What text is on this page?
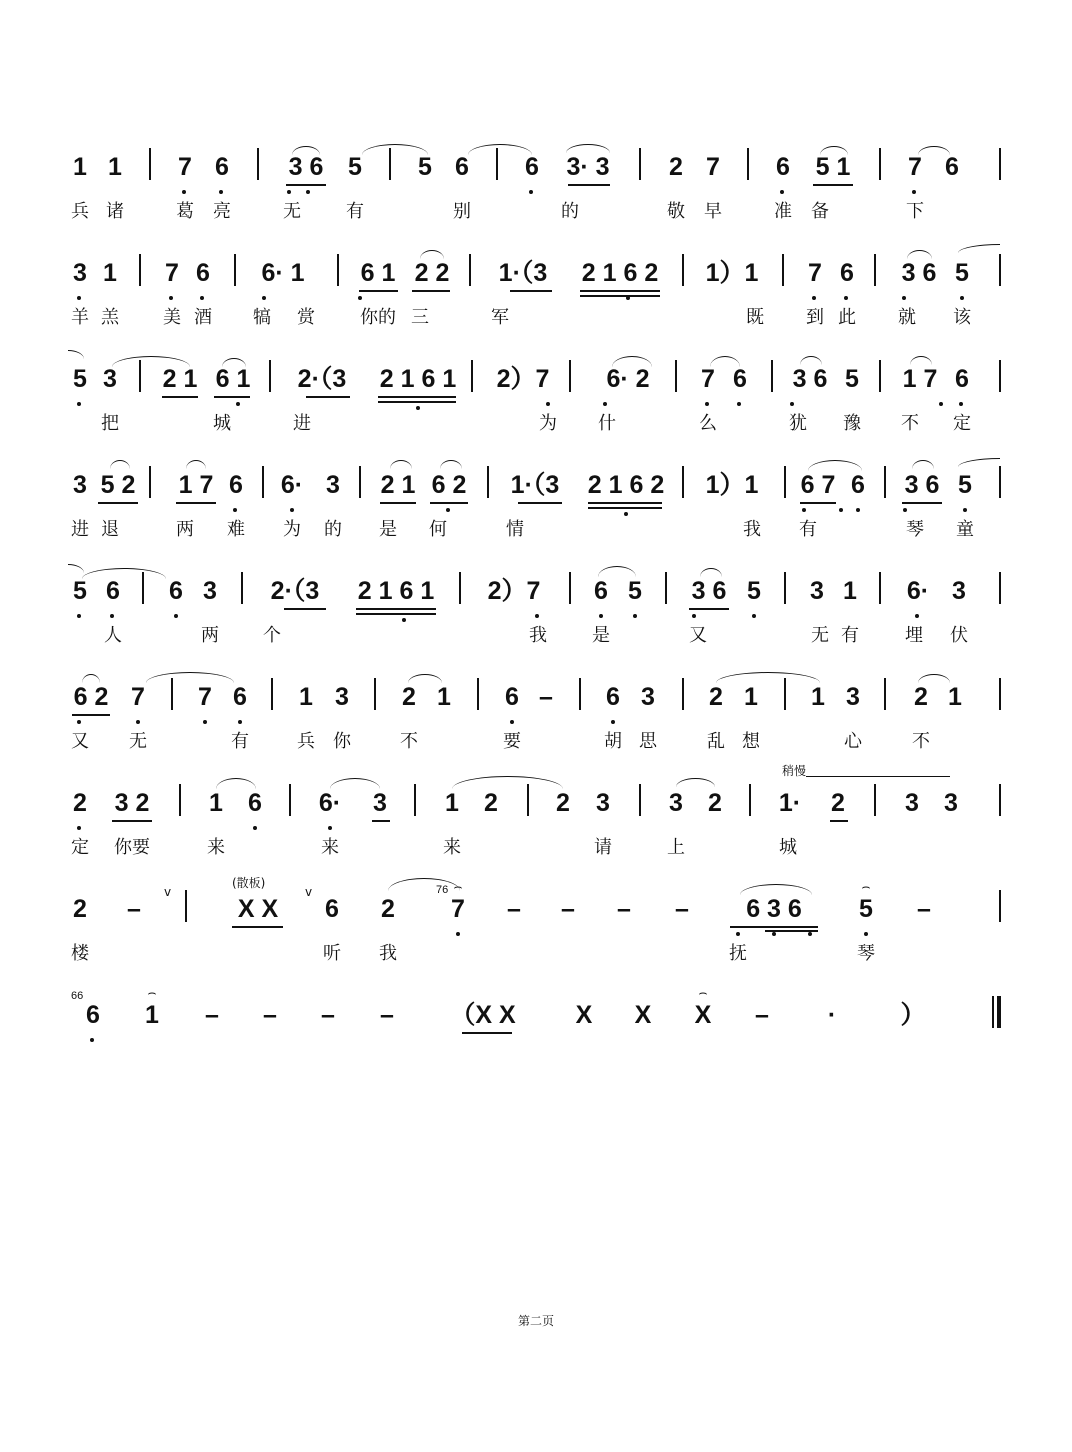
1 1 7 6 3 6 5 5 6 6 3· 3 2 7 6 5 1 7 6
兵 诸	葛 亮	无	有	别	的	敬 早	准 备	下
3 1 7 6 6· 1 6 1 2 2 1·（3 2 1 6 2 1）1 7 6 3 6 5
羊 羔 美 酒 犒 赏	你的 三	军	既 到 此 就 该
5 3 2 1 6 1 2·（3 2 1 6 1 2）7 6· 2 7 6 3 6 5 1 7 6
把	城	进	为 什	么	犹 豫 不 定
3 5 2 1 7 6 6· 3 2 1 6 2 1·（3 2 1 6 2 1）1 6 7 6 3 6 5
进 退	两 难 为 的 是 何	情	我 有	琴 童
5 6 6 3 2·（3 2 1 6 1 2）7 6 5 3 6 5 3 1 6· 3
人	两 个	我	是	又	无 有	埋 伏
6 2 7 7 6 1 3 2 1 6 – 6 3 2 1 1 3 2 1
又 无	有	兵 你	不	要	胡 思	乱 想	心	不
2 3 2 1 6 6· 3 1 2 2 3 3 2 1· 2 3 3
定 你要	来	来	来	请	上	城
2 –	X X 6 2 7 – – – – 6 3 6 5 –
楼	听 我	抚	琴
6 1 – – – – （X X X X X – ·	）
⌢	⌢
⌢	⌢
v	v
(散板)
稍慢
76
66
第二页
